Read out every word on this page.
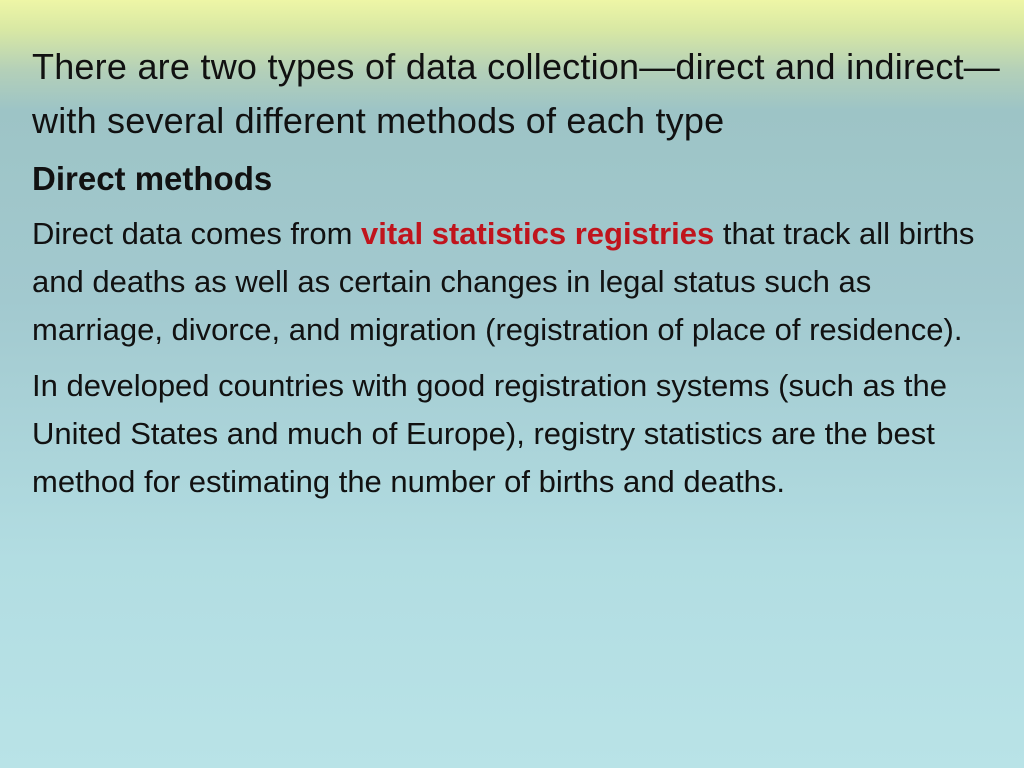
There are two types of data collection—direct and indirect—with several different methods of each type

Direct methods

Direct data comes from vital statistics registries that track all births and deaths as well as certain changes in legal status such as marriage, divorce, and migration (registration of place of residence).

In developed countries with good registration systems (such as the United States and much of Europe), registry statistics are the best method for estimating the number of births and deaths.
